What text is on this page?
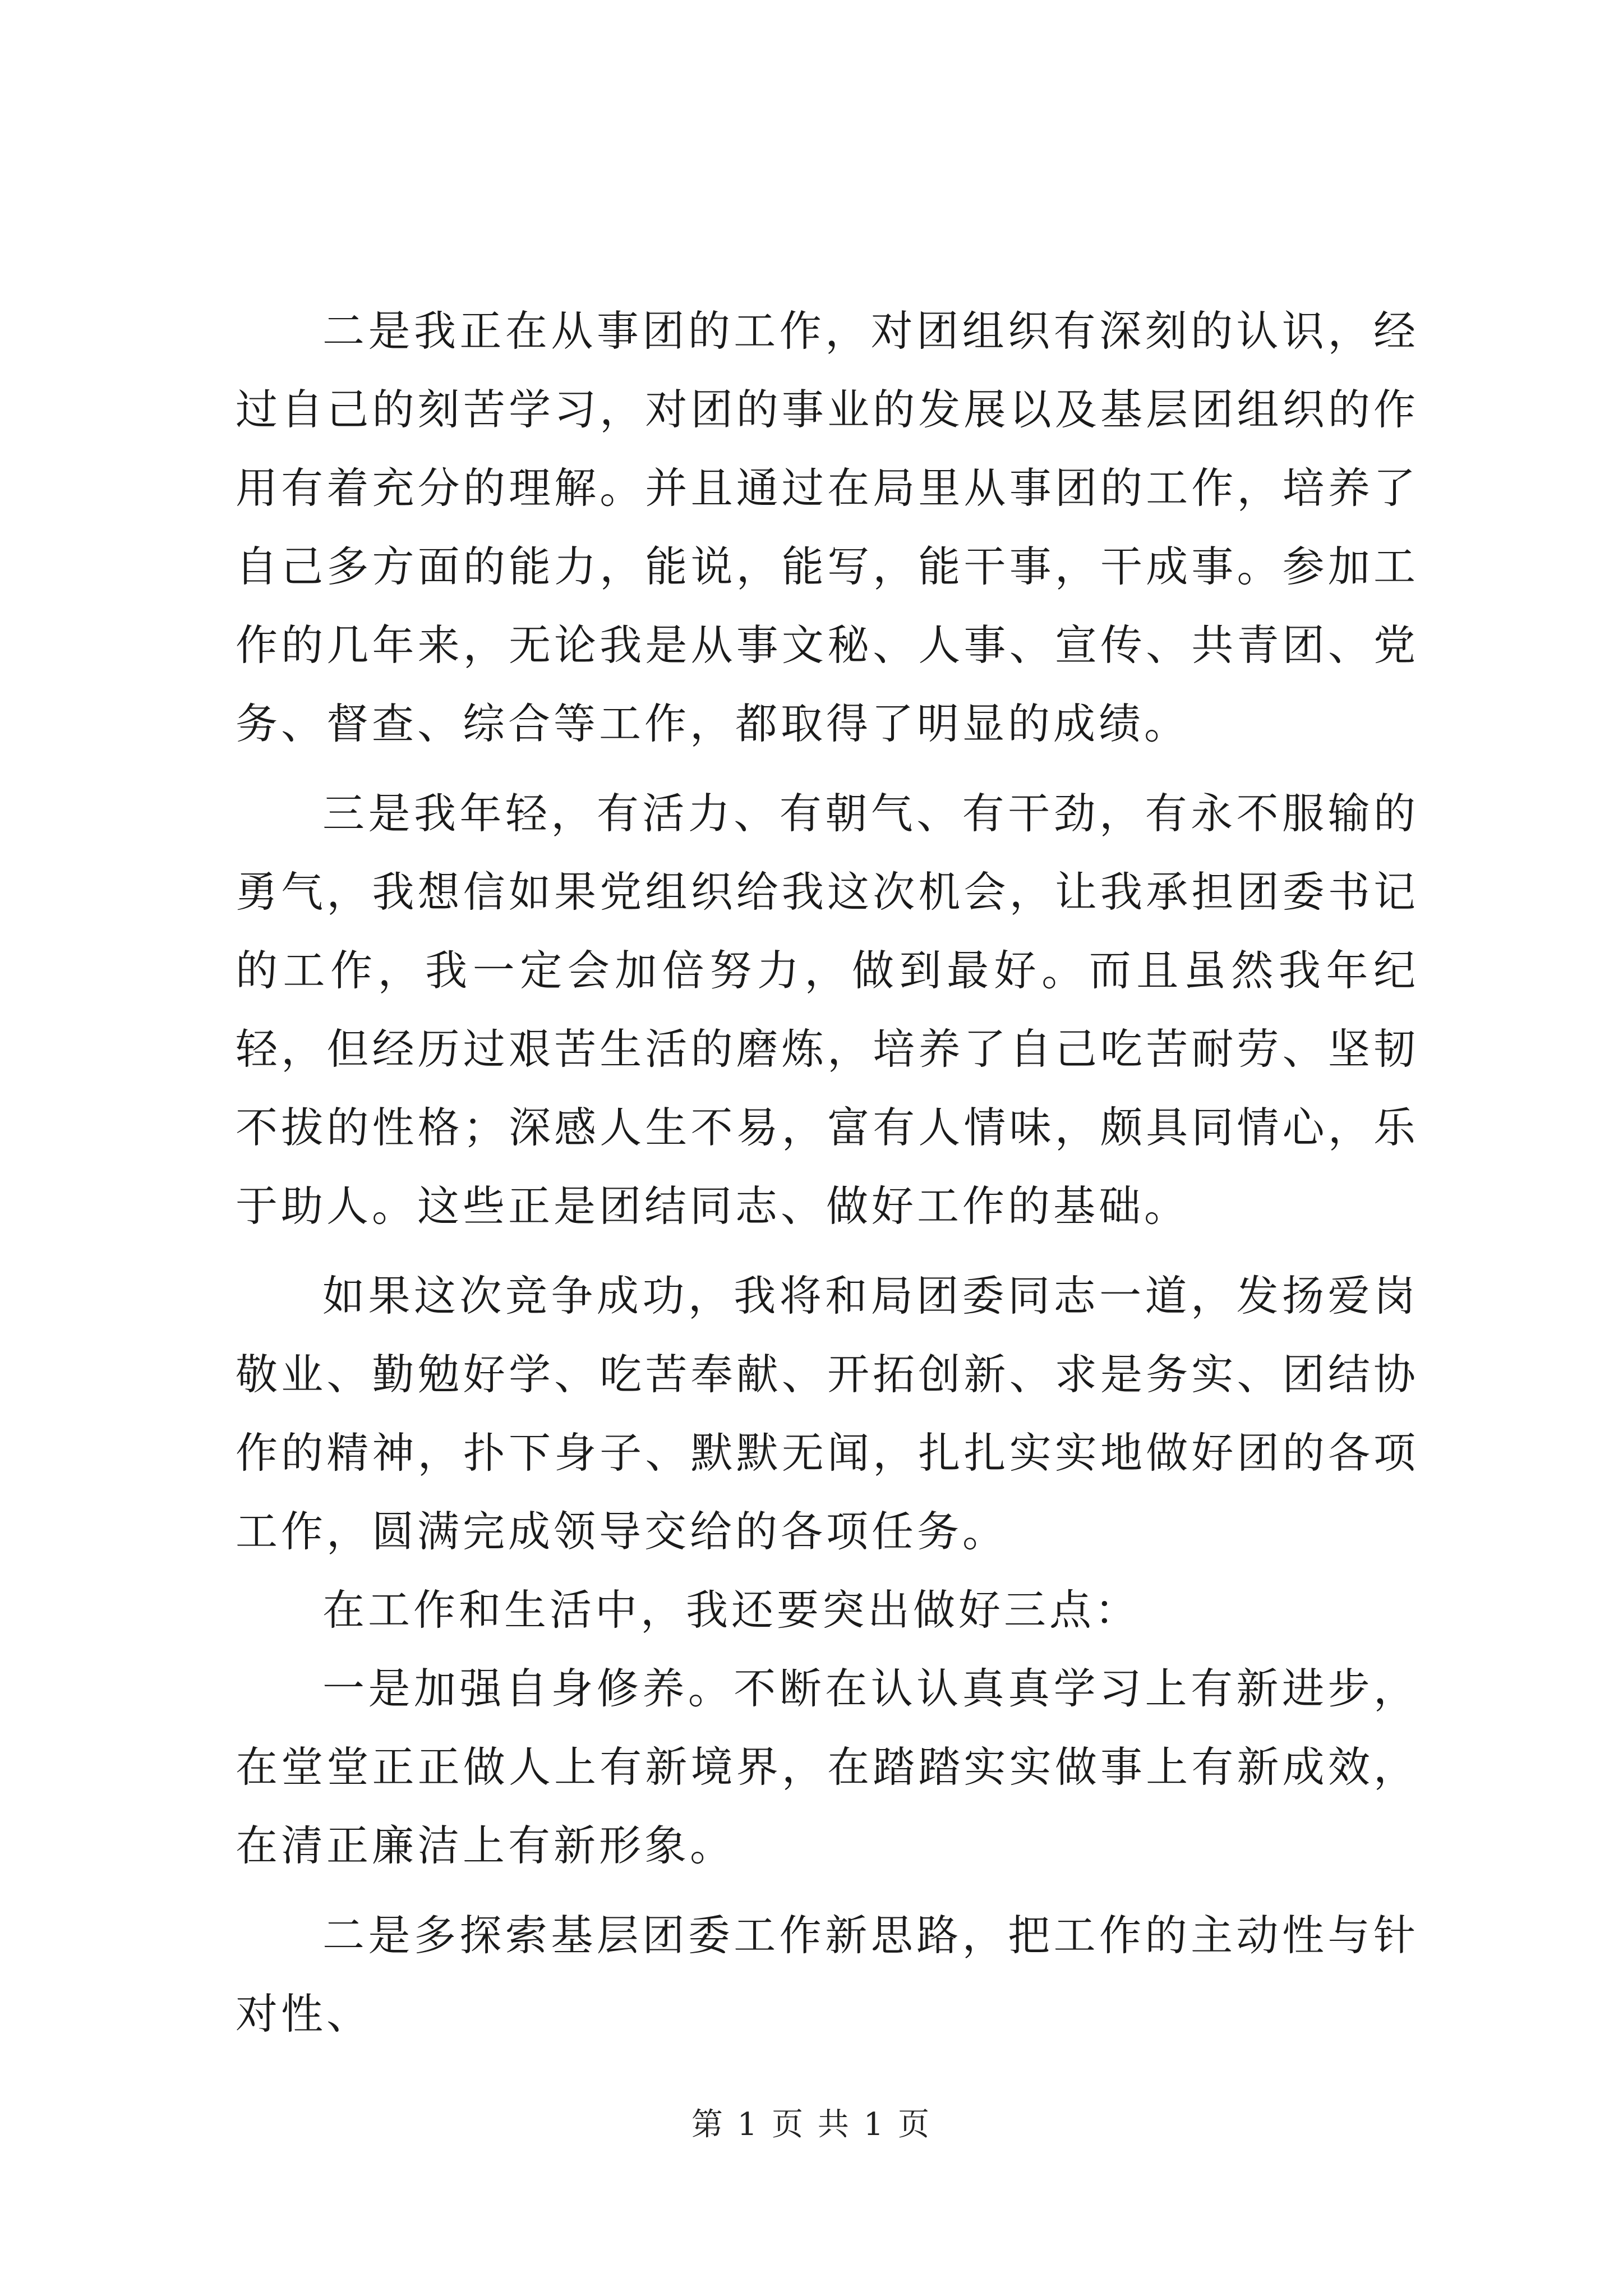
二是我正在从事团的工作，对团组织有深刻的认识，经过自己的刻苦学习，对团的事业的发展以及基层团组织的作用有着充分的理解。并且通过在局里从事团的工作，培养了自己多方面的能力，能说，能写，能干事，干成事。参加工作的几年来，无论我是从事文秘、人事、宣传、共青团、党务、督查、综合等工作，都取得了明显的成绩。

三是我年轻，有活力、有朝气、有干劲，有永不服输的勇气，我想信如果党组织给我这次机会，让我承担团委书记的工作，我一定会加倍努力，做到最好。而且虽然我年纪轻，但经历过艰苦生活的磨炼，培养了自己吃苦耐劳、坚韧不拔的性格；深感人生不易，富有人情味，颇具同情心，乐于助人。这些正是团结同志、做好工作的基础。

如果这次竞争成功，我将和局团委同志一道，发扬爱岗敬业、勤勉好学、吃苦奉献、开拓创新、求是务实、团结协作的精神，扑下身子、默默无闻，扎扎实实地做好团的各项工作，圆满完成领导交给的各项任务。

在工作和生活中，我还要突出做好三点：

一是加强自身修养。不断在认认真真学习上有新进步，在堂堂正正做人上有新境界，在踏踏实实做事上有新成效，在清正廉洁上有新形象。

二是多探索基层团委工作新思路，把工作的主动性与针对性、

第 1 页 共 1 页
